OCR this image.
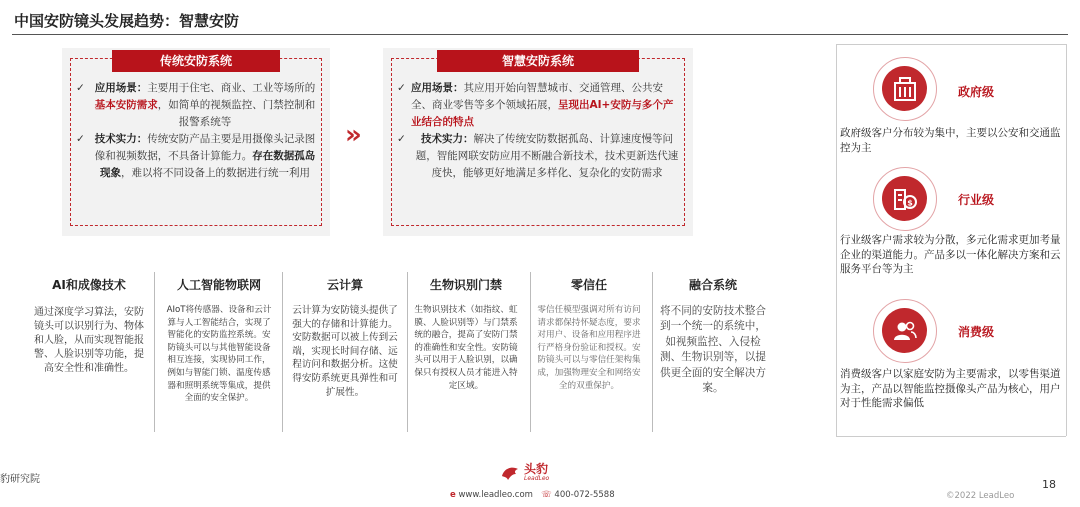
中国安防镜头发展趋势：智慧安防
传统安防系统
✓ 应用场景：主要用于住宅、商业、工业等场所的基本安防需求，如简单的视频监控、门禁控制和报警系统等
✓ 技术实力：传统安防产品主要是用摄像头记录图像和视频数据，不具备计算能力。存在数据孤岛现象，难以将不同设备上的数据进行统一利用
»
智慧安防系统
✓ 应用场景：其应用开始向智慧城市、交通管理、公共安全、商业零售等多个领域拓展，呈现出AI+安防与多个产业结合的特点
✓	技术实力：解决了传统安防数据孤岛、计算速度慢等问题，智能网联安防应用不断融合新技术，技术更新迭代速度快，能够更好地满足多样化、复杂化的安防需求
AI和成像技术
通过深度学习算法，安防镜头可以识别行为、物体和人脸，从而实现智能报警、人脸识别等功能，提高安全性和准确性。
人工智能物联网
AIoT将传感器、设备和云计算与人工智能结合，实现了智能化的安防监控系统。安防镜头可以与其他智能设备相互连接，实现协同工作，例如与智能门锁、温度传感器和照明系统等集成，提供全面的安全保护。
云计算
云计算为安防镜头提供了强大的存储和计算能力。安防数据可以被上传到云端，实现长时间存储、远程访问和数据分析。这使得安防系统更具弹性和可扩展性。
生物识别门禁
生物识别技术（如指纹、虹膜、人脸识别等）与门禁系统的融合，提高了安防门禁的准确性和安全性。安防镜头可以用于人脸识别，以确保只有授权人员才能进入特定区域。
零信任
零信任模型强调对所有访问请求都保持怀疑态度，要求对用户、设备和应用程序进行严格身份验证和授权。安防镜头可以与零信任架构集成，加强物理安全和网络安全的双重保护。
融合系统
将不同的安防技术整合到一个统一的系统中，如视频监控、入侵检测、生物识别等，以提供更全面的安全解决方案。
政府级
政府级客户分布较为集中，主要以公安和交通监控为主
$	行业级
行业级客户需求较为分散，多元化需求更加考量企业的渠道能力。产品多以一体化解决方案和云服务平台等为主
消费级
消费级客户以家庭安防为主要需求，以零售渠道为主，产品以智能监控摄像头产品为核心，用户对于性能需求偏低
豹研究院
头豹
LeadLeo
e www.leadleo.com ☏ 400-072-5588	©2022 LeadLeo
18
